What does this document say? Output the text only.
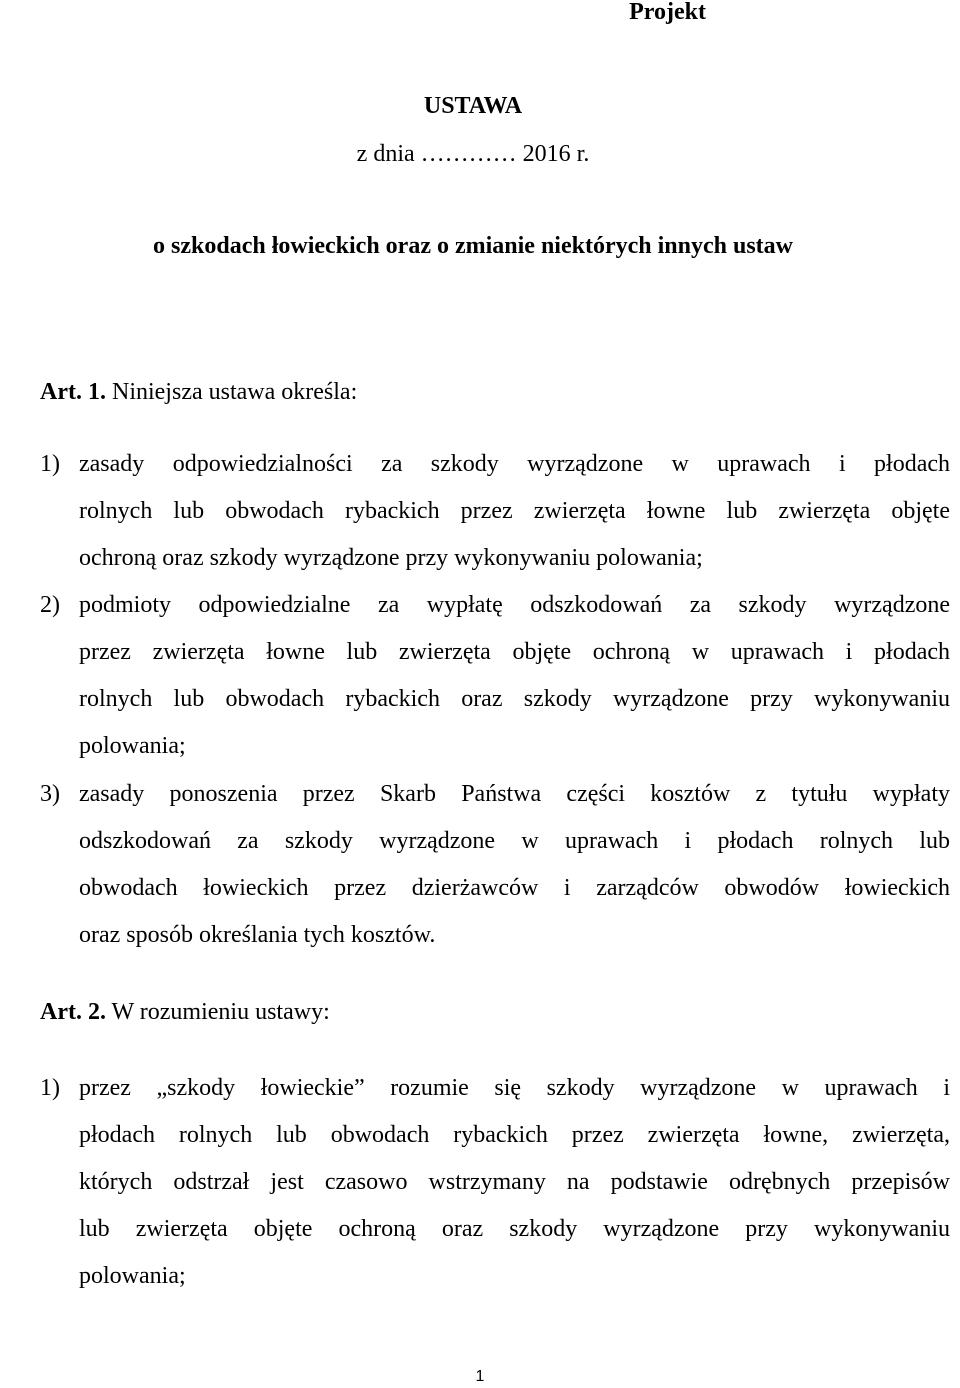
Projekt

USTAWA

z dnia ………… 2016 r.

o szkodach łowieckich oraz o zmianie niektórych innych ustaw

Art. 1. Niniejsza ustawa określa:

1) zasady odpowiedzialności za szkody wyrządzone w uprawach i płodach
rolnych lub obwodach rybackich przez zwierzęta łowne lub zwierzęta objęte
ochroną oraz szkody wyrządzone przy wykonywaniu polowania;
2) podmioty odpowiedzialne za wypłatę odszkodowań za szkody wyrządzone
przez zwierzęta łowne lub zwierzęta objęte ochroną w uprawach i płodach
rolnych lub obwodach rybackich oraz szkody wyrządzone przy wykonywaniu
polowania;
3) zasady ponoszenia przez Skarb Państwa części kosztów z tytułu wypłaty
odszkodowań za szkody wyrządzone w uprawach i płodach rolnych lub
obwodach łowieckich przez dzierżawców i zarządców obwodów łowieckich
oraz sposób określania tych kosztów.

Art. 2. W rozumieniu ustawy:

1) przez „szkody łowieckie” rozumie się szkody wyrządzone w uprawach i
płodach rolnych lub obwodach rybackich przez zwierzęta łowne, zwierzęta,
których odstrzał jest czasowo wstrzymany na podstawie odrębnych przepisów
lub zwierzęta objęte ochroną oraz szkody wyrządzone przy wykonywaniu
polowania;

1
